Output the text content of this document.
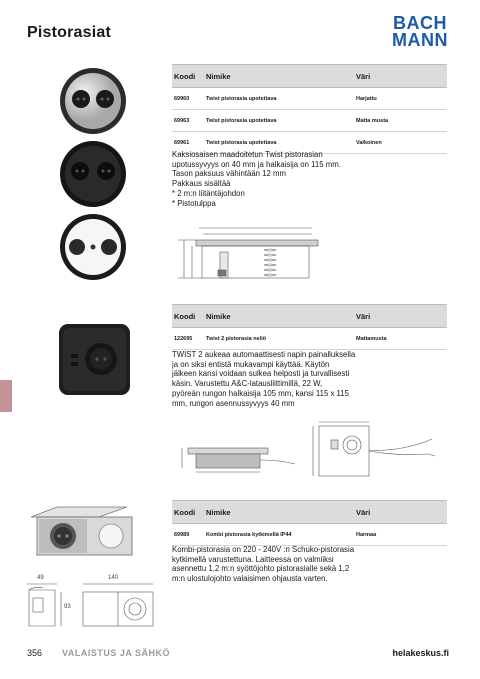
Pistorasiat	BACH
MANN
Koodi	Nimike	Väri
69960	Twist pistorasia upotettava	Harjattu
69963	Twist pistorasia upotettava	Matta musta
69961	Twist pistorasia upotettava	Valkoinen
Kaksiosaisen maadoitetun Twist pistorasian
upotussyvyys on 40 mm ja halkaisija on 115 mm.
Tason paksuus vähintään 12 mm
Pakkaus sisältää
* 2 m:n liitäntäjohdon
* Pistotulppa
Koodi	Nimike	Väri
122695	Twist 2 pistorasia neliö	Mattamusta
TWIST 2 aukeaa automaattisesti napin painalluksella
ja on siksi entistä mukavampi käyttää. Käytön
jälkeen kansi voidaan sulkea helposti ja turvallisesti
käsin. Varustettu A&C-latausliittimillä, 22 W,
pyöreän rungon halkaisija 105 mm, kansi 115 x 115
mm, rungon asennussyvyys 40 mm
Koodi	Nimike	Väri
69989	Kombi pistorasia kytkimellä IP44	Harmaa
Kombi-pistorasia on 220 - 240V :n Schuko-pistorasia
kytkimellä varustettuna. Laitteessa on valmiiksi
asennettu 1,2 m:n syöttöjohto pistorasialle sekä 1,2
m:n ulostulojohto valaisimen ohjausta varten.
49	140
93
356 VALAISTUS JA SÄHKÖ	helakeskus.fi
